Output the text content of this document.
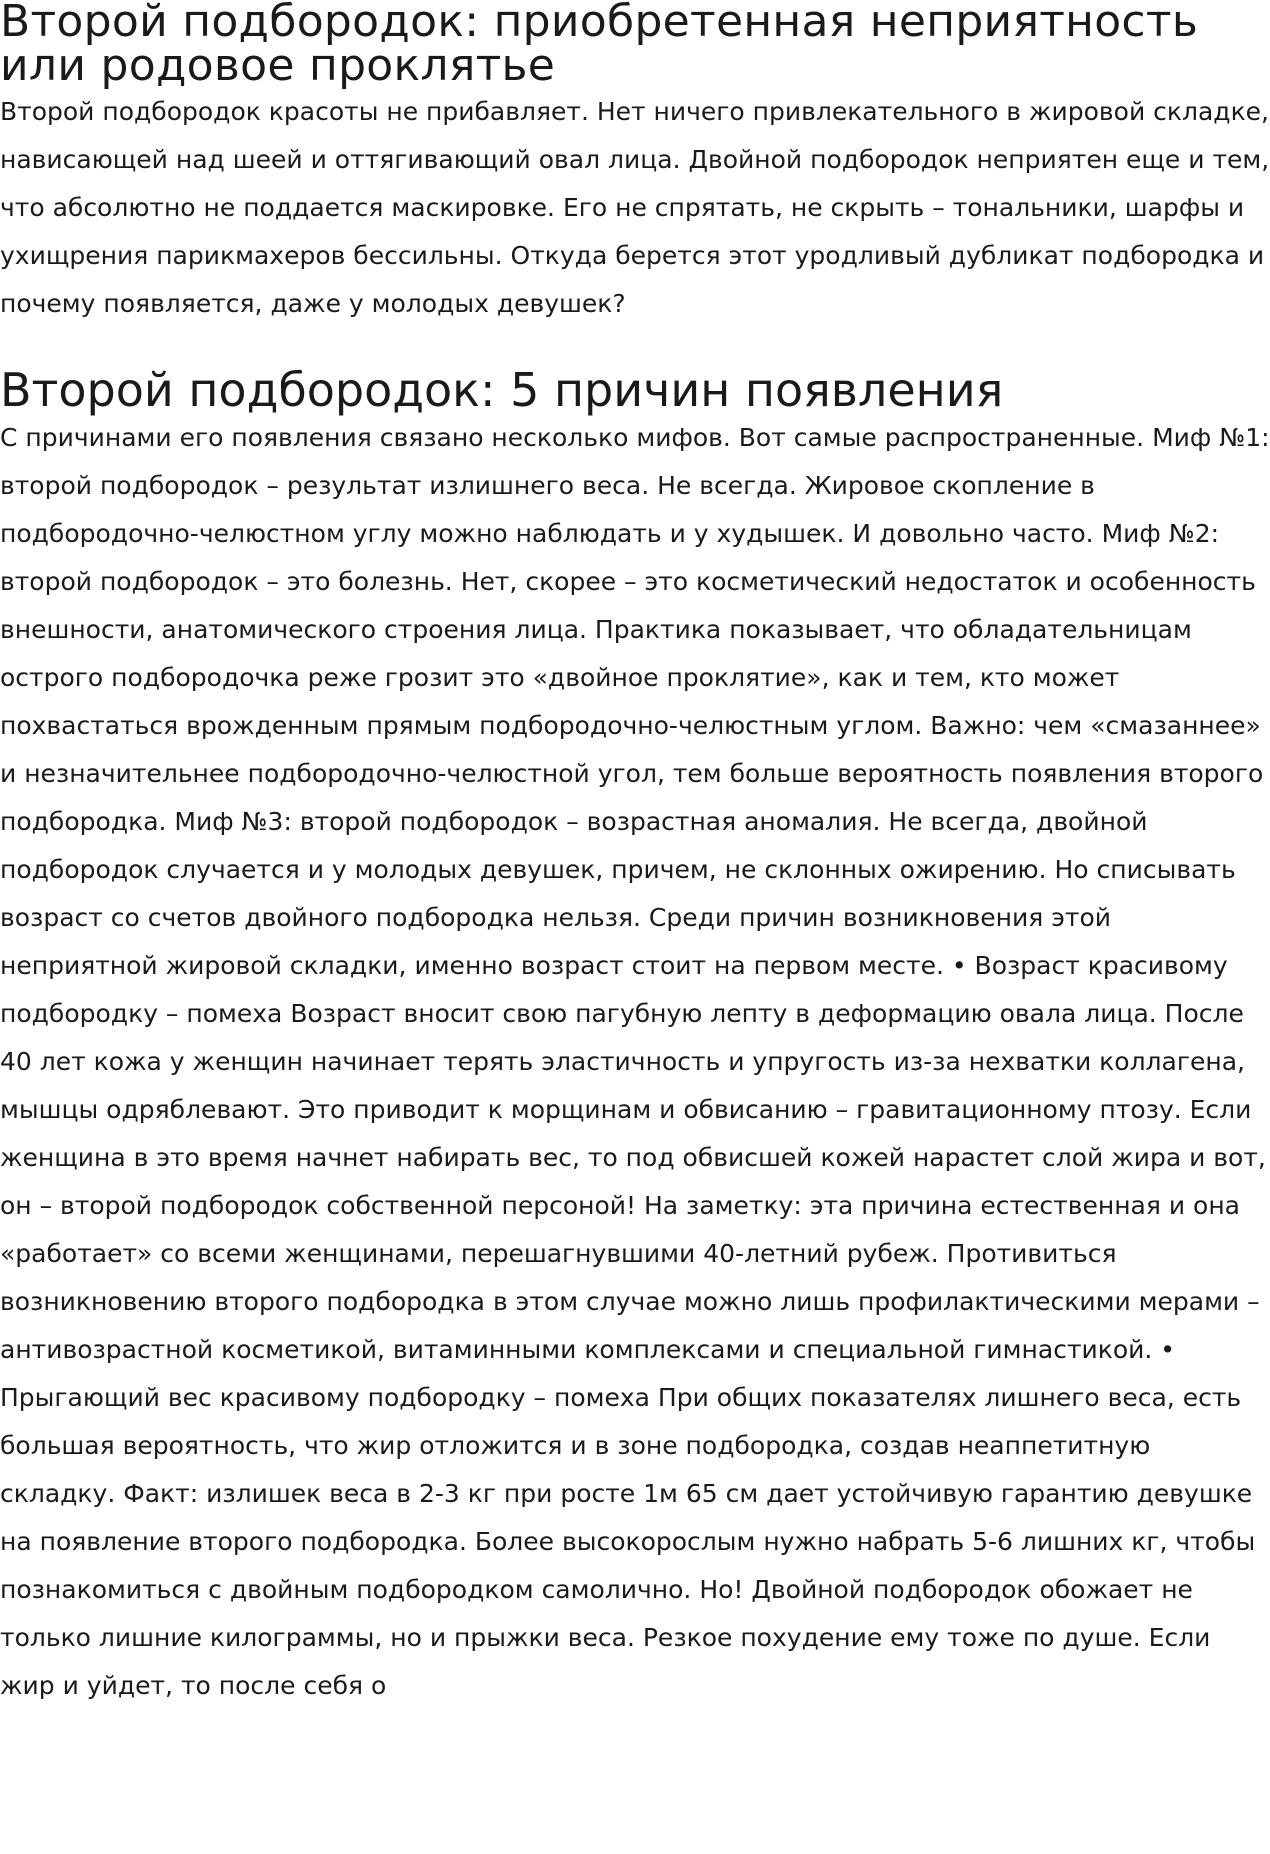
Второй подбородок: приобретенная неприятность или родовое проклятье

Второй подбородок красоты не прибавляет. Нет ничего привлекательного в жировой складке, нависающей над шеей и оттягивающий овал лица. Двойной подбородок неприятен еще и тем, что абсолютно не поддается маскировке. Его не спрятать, не скрыть – тональники, шарфы и ухищрения парикмахеров бессильны. Откуда берется этот уродливый дубликат подбородка и почему появляется, даже у молодых девушек?

Второй подбородок: 5 причин появления

С причинами его появления связано несколько мифов. Вот самые распространенные. Миф №1: второй подбородок – результат излишнего веса. Не всегда. Жировое скопление в подбородочно-челюстном углу можно наблюдать и у худышек. И довольно часто. Миф №2: второй подбородок – это болезнь. Нет, скорее – это косметический недостаток и особенность внешности, анатомического строения лица. Практика показывает, что обладательницам острого подбородочка реже грозит это «двойное проклятие», как и тем, кто может похвастаться врожденным прямым подбородочно-челюстным углом. Важно: чем «смазаннее» и незначительнее подбородочно-челюстной угол, тем больше вероятность появления второго подбородка. Миф №3: второй подбородок – возрастная аномалия. Не всегда, двойной подбородок случается и у молодых девушек, причем, не склонных ожирению. Но списывать возраст со счетов двойного подбородка нельзя. Среди причин возникновения этой неприятной жировой складки, именно возраст стоит на первом месте. • Возраст красивому подбородку – помеха Возраст вносит свою пагубную лепту в деформацию овала лица. После 40 лет кожа у женщин начинает терять эластичность и упругость из-за нехватки коллагена, мышцы одряблевают. Это приводит к морщинам и обвисанию – гравитационному птозу. Если женщина в это время начнет набирать вес, то под обвисшей кожей нарастет слой жира и вот, он – второй подбородок собственной персоной! На заметку: эта причина естественная и она «работает» со всеми женщинами, перешагнувшими 40-летний рубеж. Противиться возникновению второго подбородка в этом случае можно лишь профилактическими мерами – антивозрастной косметикой, витаминными комплексами и специальной гимнастикой. • Прыгающий вес красивому подбородку – помеха При общих показателях лишнего веса, есть большая вероятность, что жир отложится и в зоне подбородка, создав неаппетитную складку. Факт: излишек веса в 2-3 кг при росте 1м 65 см дает устойчивую гарантию девушке на появление второго подбородка. Более высокорослым нужно набрать 5-6 лишних кг, чтобы познакомиться с двойным подбородком самолично. Но! Двойной подбородок обожает не только лишние килограммы, но и прыжки веса. Резкое похудение ему тоже по душе. Если жир и уйдет, то после себя о
